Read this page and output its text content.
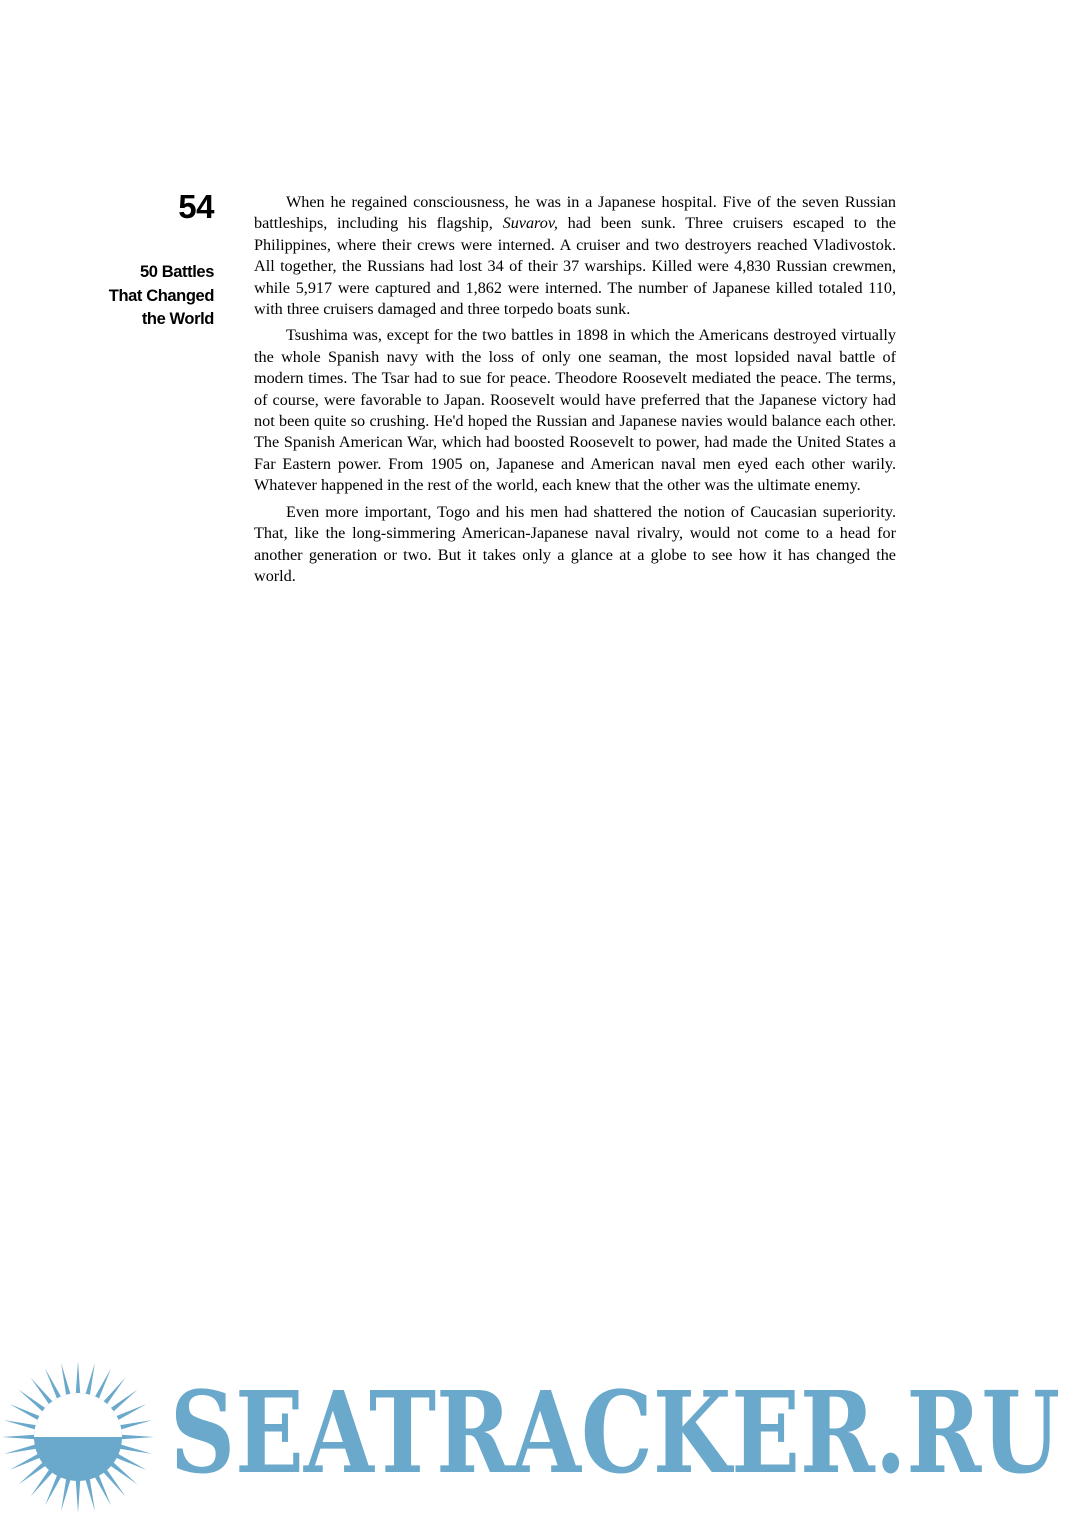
54
50 Battles
That Changed
the World

When he regained consciousness, he was in a Japanese hospital. Five of the seven Russian battleships, including his flagship, Suvarov, had been sunk. Three cruisers escaped to the Philippines, where their crews were interned. A cruiser and two destroyers reached Vladivostok. All together, the Russians had lost 34 of their 37 warships. Killed were 4,830 Russian crewmen, while 5,917 were captured and 1,862 were interned. The number of Japanese killed totaled 110, with three cruisers damaged and three torpedo boats sunk.

Tsushima was, except for the two battles in 1898 in which the Americans destroyed virtually the whole Spanish navy with the loss of only one seaman, the most lopsided naval battle of modern times. The Tsar had to sue for peace. Theodore Roosevelt mediated the peace. The terms, of course, were favorable to Japan. Roosevelt would have preferred that the Japanese victory had not been quite so crushing. He'd hoped the Russian and Japanese navies would balance each other. The Spanish American War, which had boosted Roosevelt to power, had made the United States a Far Eastern power. From 1905 on, Japanese and American naval men eyed each other warily. Whatever happened in the rest of the world, each knew that the other was the ultimate enemy.

Even more important, Togo and his men had shattered the notion of Caucasian superiority. That, like the long-simmering American-Japanese naval rivalry, would not come to a head for another generation or two. But it takes only a glance at a globe to see how it has changed the world.

SEATRACKER.RU
